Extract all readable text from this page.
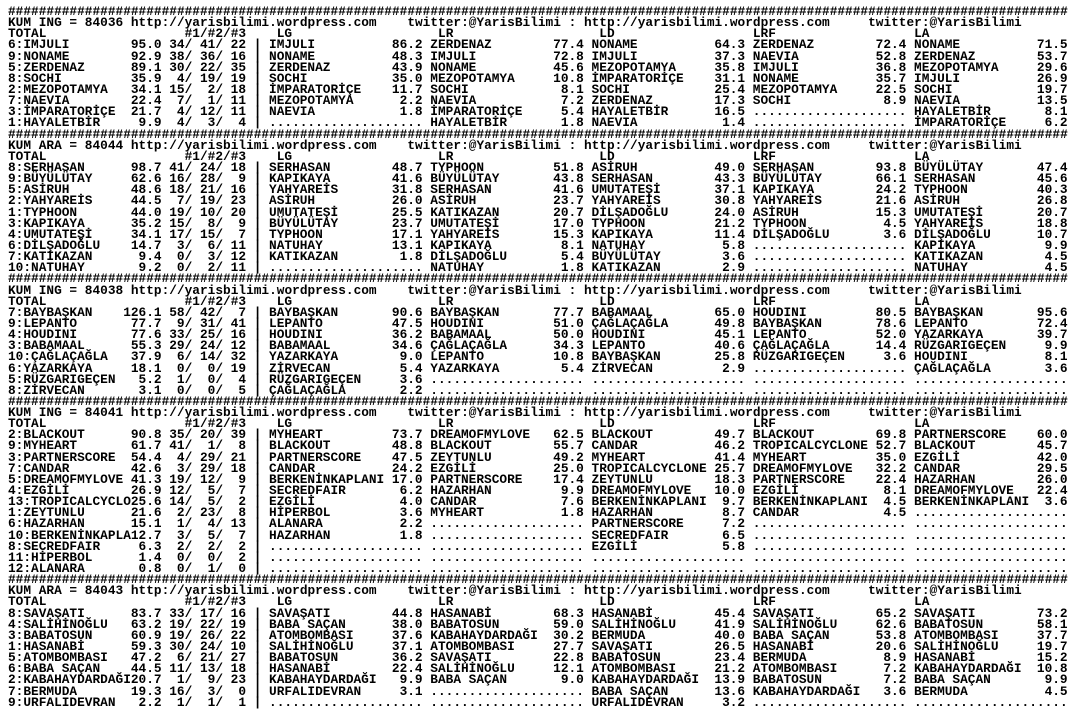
##########################################################################################################################################
KUM ING = 84036 http://yarisbilimi.wordpress.com twitter:@YarisBilimi : http://yarisbilimi.wordpress.com	twitter:@YarisBilimi
TOTAL	#1/#2/#3 LG	LR	LD	LRF	LA
6:IMJULI	95.0 34/ 41/ 22 | IMJULI	86.2 ZERDENAZ	77.4 NONAME	64.3 ZERDENAZ	72.4 NONAME	71.5
9:NONAME	92.9 38/ 36/ 16 | NONAME	48.3 IMJULI	72.8 IMJULI	37.3 NAEVIA	52.8 ZERDENAZ	53.7
5:ZERDENAZ	89.1 30/ 22/ 35 | ZERDENAZ	43.9 NONAME	45.6 MEZOPOTAMYA	35.8 IMJULI	36.8 MEZOPOTAMYA	29.6
8:SOCHI	35.9 4/ 19/ 19 | SOCHI	35.0 MEZOPOTAMYA	10.8 İMPARATORİÇE 31.1 NONAME	35.7 IMJULI	26.9
2:MEZOPOTAMYA 34.1 15/ 2/ 18 | İMPARATORİÇE 11.7 SOCHI	8.1 SOCHI	25.4 MEZOPOTAMYA	22.5 SOCHI	19.7
7:NAEVIA	22.4 7/ 1/ 11 | MEZOPOTAMYA	2.2 NAEVIA	7.2 ZERDENAZ	17.3 SOCHI	8.9 NAEVIA	13.5
3:İMPARATORİÇE 21.7 4/ 12/ 11 | NAEVIA	1.8 İMPARATORİÇE	5.4 HAYALETBİR	16.5 .................... HAYALETBİR	8.1
1:HAYALETBİR	9.9 4/ 3/ 4 | .................... HAYALETBİR	1.8 NAEVIA	1.4 .................... İMPARATORİÇE	6.2
##########################################################################################################################################
KUM ARA = 84044 http://yarisbilimi.wordpress.com twitter:@YarisBilimi : http://yarisbilimi.wordpress.com	twitter:@YarisBilimi
TOTAL	#1/#2/#3 LG	LR	LD	LRF	LA
8:SERHASAN	98.7 41/ 24/ 18 | SERHASAN	48.7 TYPHOON	51.8 ASİRUH	49.0 SERHASAN	93.8 BÜYÜLÜTAY	47.4
9:BÜYÜLÜTAY	62.6 16/ 28/ 9 | KAPIKAYA	41.6 BÜYÜLÜTAY	43.8 SERHASAN	43.3 BÜYÜLÜTAY	66.1 SERHASAN	45.6
5:ASİRUH	48.6 18/ 21/ 16 | YAHYAREİS	31.8 SERHASAN	41.6 UMUTATEŞİ	37.1 KAPIKAYA	24.2 TYPHOON	40.3
2:YAHYAREİS	44.5 7/ 19/ 23 | ASİRUH	26.0 ASİRUH	23.7 YAHYAREİS	30.8 YAHYAREİS	21.6 ASİRUH	26.8
1:TYPHOON	44.0 19/ 10/ 20 | UMUTATEŞİ	25.5 KATIKAZAN	20.7 DİLŞADOĞLU	24.0 ASİRUH	15.3 UMUTATEŞİ	20.7
3:KAPIKAYA	35.2 15/ 8/ 9 | BÜYÜLÜTAY	23.7 UMUTATEŞİ	17.0 TYPHOON	21.2 TYPHOON	4.5 YAHYAREİS	18.8
4:UMUTATEŞİ	34.1 17/ 15/ 7 | TYPHOON	17.1 YAHYAREİS	15.3 KAPIKAYA	11.4 DİLŞADOĞLU	3.6 DİLŞADOĞLU	10.7
6:DİLŞADOĞLU 14.7 3/ 6/ 11 | NATUHAY	13.1 KAPIKAYA	8.1 NATUHAY	5.8 .................... KAPIKAYA	9.9
7:KATIKAZAN	9.4 0/ 3/ 12 | KATIKAZAN	1.8 DİLŞADOĞLU	5.4 BÜYÜLÜTAY	3.6 .................... KATIKAZAN	4.5
10:NATUHAY	9.2 0/ 2/ 11 | .................... NATUHAY	1.8 KATIKAZAN	2.9 .................... NATUHAY	4.5
##########################################################################################################################################
KUM ING = 84038 http://yarisbilimi.wordpress.com twitter:@YarisBilimi : http://yarisbilimi.wordpress.com	twitter:@YarisBilimi
TOTAL	#1/#2/#3 LG	LR	LD	LRF	LA
7:BAYBAŞKAN 126.1 58/ 42/ 7 | BAYBAŞKAN	90.6 BAYBAŞKAN	77.7 BABAMAAL	65.0 HOUDINI	80.5 BAYBAŞKAN	95.6
9:LEPANTO	77.7 9/ 31/ 41 | LEPANTO	47.5 HOUDINI	51.0 ÇAĞLAÇAĞLA	49.8 BAYBAŞKAN	78.6 LEPANTO	72.4
4:HOUDINI	77.6 33/ 25/ 16 | HOUDINI	36.2 BABAMAAL	50.0 HOUDINI	45.1 LEPANTO	52.0 YAZARKAYA	39.7
3:BABAMAAL	55.3 29/ 24/ 12 | BABAMAAL	34.6 ÇAĞLAÇAĞLA	34.3 LEPANTO	40.6 ÇAĞLAÇAĞLA	14.4 RÜZGARIGEÇEN	9.9
10:ÇAĞLAÇAĞLA 37.9 6/ 14/ 32 | YAZARKAYA	9.0 LEPANTO	10.8 BAYBAŞKAN	25.8 RÜZGARIGEÇEN	3.6 HOUDINI	8.1
6:YAZARKAYA	18.1 0/ 0/ 19 | ZİRVECAN	5.4 YAZARKAYA	5.4 ZİRVECAN	2.9 .................... ÇAĞLAÇAĞLA	3.6
5:RÜZGARIGEÇEN 5.2 1/ 0/ 4 | RÜZGARIGEÇEN	3.6 .................... .................... .................... ....................
8:ZİRVECAN	3.1 0/ 0/ 5 | ÇAĞLAÇAĞLA	2.2 .................... .................... .................... ....................
##########################################################################################################################################
KUM ING = 84041 http://yarisbilimi.wordpress.com twitter:@YarisBilimi : http://yarisbilimi.wordpress.com	twitter:@YarisBilimi
TOTAL	#1/#2/#3 LG	LR	LD	LRF	LA
2:BLACKOUT	90.8 35/ 20/ 39 | MYHEART	73.7 DREAMOFMYLOVE 62.5 BLACKOUT	49.7 BLACKOUT	69.8 PARTNERSCORE 60.0
9:MYHEART	61.7 41/ 1/ 8 | BLACKOUT	48.8 BLACKOUT	55.7 CANDAR	46.2 TROPICALCYCLONE 52.7 BLACKOUT	45.7
3:PARTNERSCORE 54.4 4/ 29/ 21 | PARTNERSCORE 47.5 ZEYTUNLU	49.2 MYHEART	41.4 MYHEART	35.0 EZGİLİ	42.0
7:CANDAR	42.6 3/ 29/ 18 | CANDAR	24.2 EZGİLİ	25.0 TROPICALCYCLONE 25.7 DREAMOFMYLOVE 32.2 CANDAR	29.5
5:DREAMOFMYLOVE 41.3 19/ 12/ 9 | BERKENİNKAPLANI 17.0 PARTNERSCORE 17.4 ZEYTUNLU	18.3 PARTNERSCORE 22.4 HAZARHAN	26.0
4:EZGİLİ	26.9 12/ 5/ 7 | SECREDFAIR	6.2 HAZARHAN	9.9 DREAMOFMYLOVE 10.0 EZGİLİ	8.1 DREAMOFMYLOVE 22.4
13:TROPICALCYCLO25.6 14/ 5/ 2 | EZGİLİ	4.0 CANDAR	7.6 BERKENİNKAPLANI 9.7 BERKENİNKAPLANI 4.5 BERKENİNKAPLANI 3.6
1:ZEYTUNLU	21.6 2/ 23/ 8 | HİPERBOL	3.6 MYHEART	1.8 HAZARHAN	8.7 CANDAR	4.5 ....................
6:HAZARHAN	15.1 1/ 4/ 13 | ALANARA	2.2 .................... PARTNERSCORE	7.2 .................... ....................
10:BERKENİNKAPLA12.7 3/ 5/ 7 | HAZARHAN	1.8 .................... SECREDFAIR	6.5 .................... ....................
8:SECREDFAIR	6.3 2/ 2/ 2 | .................... .................... EZGİLİ	5.8 .................... ....................
11:HİPERBOL	1.4 0/ 0/ 2 | .................... .................... .................... .................... ....................
12:ALANARA	0.8 0/ 1/ 0 | .................... .................... .................... .................... ....................
##########################################################################################################################################
KUM ARA = 84043 http://yarisbilimi.wordpress.com twitter:@YarisBilimi : http://yarisbilimi.wordpress.com	twitter:@YarisBilimi
TOTAL	#1/#2/#3 LG	LR	LD	LRF	LA
8:SAVAŞATI	83.7 33/ 17/ 16 | SAVAŞATI	44.8 HASANABİ	68.3 HASANABİ	45.4 SAVAŞATI	65.2 SAVAŞATI	73.2
4:SALİHİNOĞLU 63.2 19/ 22/ 19 | BABA SAÇAN	38.0 BABATOSUN	59.0 SALİHİNOĞLU	41.9 SALİHİNOĞLU	62.6 BABATOSUN	58.1
3:BABATOSUN	60.9 19/ 26/ 22 | ATOMBOMBASI	37.6 KABAHAYDARDAĞI 30.2 BERMUDA	40.0 BABA SAÇAN	53.8 ATOMBOMBASI	37.7
1:HASANABİ	59.3 30/ 24/ 10 | SALİHİNOĞLU	37.1 ATOMBOMBASI	27.7 SAVAŞATI	26.5 HASANABİ	20.6 SALİHİNOĞLU	19.7
5:ATOMBOMBASI 47.2 6/ 21/ 27 | BABATOSUN	36.2 SAVAŞATI	22.8 BABATOSUN	23.4 BERMUDA	8.9 HASANABİ	15.2
6:BABA SAÇAN 44.5 11/ 13/ 18 | HASANABİ	22.4 SALİHİNOĞLU	12.1 ATOMBOMBASI	21.2 ATOMBOMBASI	7.2 KABAHAYDARDAĞI 10.8
2:KABAHAYDARDAĞI20.7 1/ 9/ 23 | KABAHAYDARDAĞI 9.9 BABA SAÇAN	9.0 KABAHAYDARDAĞI 13.9 BABATOSUN	7.2 BABA SAÇAN	9.9
7:BERMUDA	19.3 16/ 3/ 0 | URFALIDEVRAN	3.1 .................... BABA SAÇAN	13.6 KABAHAYDARDAĞI 3.6 BERMUDA	4.5
9:URFALIDEVRAN 2.2 1/ 1/ 1 | .................... .................... URFALIDEVRAN	3.2 .................... ....................
